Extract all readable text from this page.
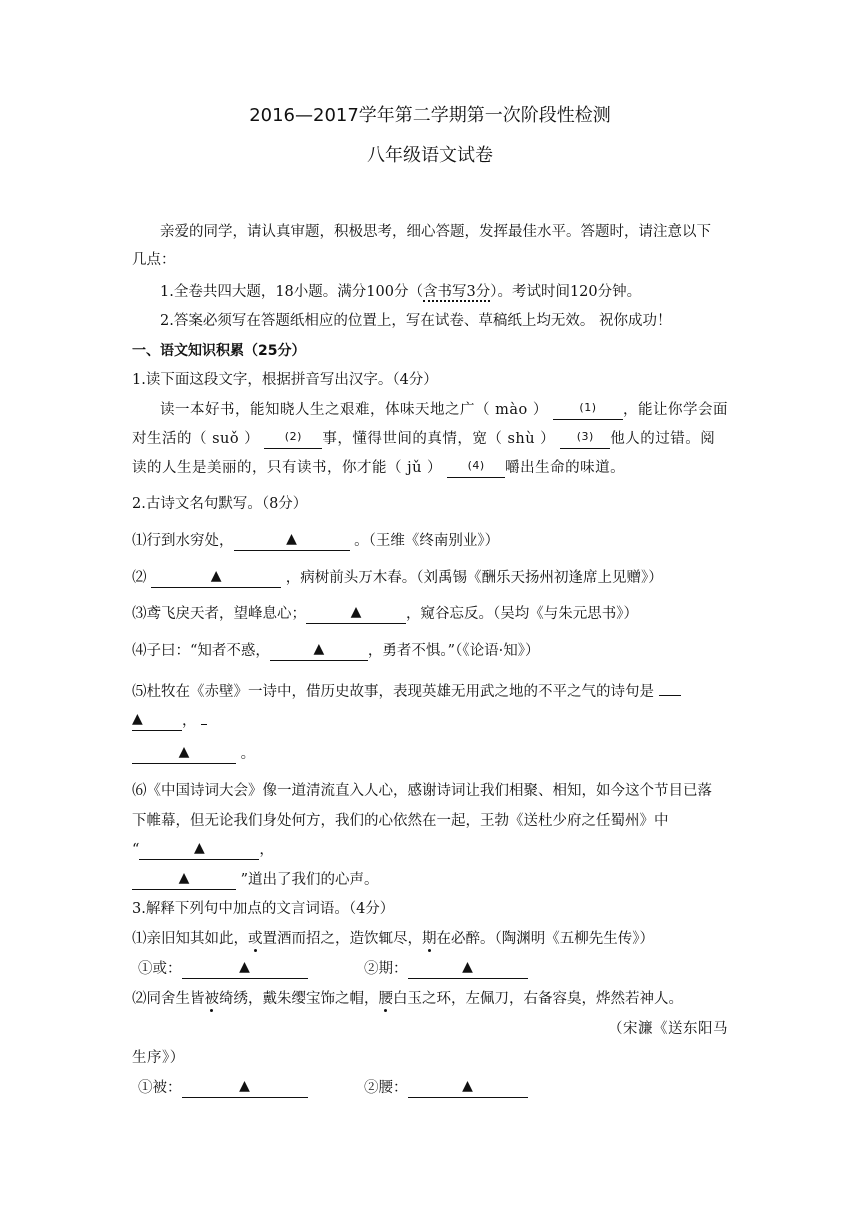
2016—2017学年第二学期第一次阶段性检测
八年级语文试卷
亲爱的同学，请认真审题，积极思考，细心答题，发挥最佳水平。答题时，请注意以下
几点：
1.全卷共四大题，18小题。满分100分（含书写3分）。考试时间120分钟。
2.答案必须写在答题纸相应的位置上，写在试卷、草稿纸上均无效。 祝你成功！
一、语文知识积累（25分）
1.读下面这段文字，根据拼音写出汉字。（4分）
读一本好书，能知晓人生之艰难，体味天地之广（ mào ）	$^{(1)}$ ，能让你学会面
对生活的（ suǒ ） $^{(2)}$ 事，懂得世间的真情，宽（ shù ） $^{(3)}$ 他人的过错。阅
读的人生是美丽的，只有读书，你才能（ jǔ ） $^{(4)}$ 嚼出生命的味道。
2.古诗文名句默写。（8分）
⑴行到水穷处，	▲	。（王维《终南别业》）
⑵	▲	，病树前头万木春。（刘禹锡《酬乐天扬州初逢席上见赠》）
⑶鸢飞戾天者，望峰息心；	▲	，窥谷忘反。（吴均《与朱元思书》）
⑷子曰：“知者不惑，	▲	，勇者不惧。”（《论语·知》）
⑸杜牧在《赤壁》一诗中，借历史故事，表现英雄无用武之地的不平之气的诗句是
▲	，
▲	。
⑹《中国诗词大会》像一道清流直入人心，感谢诗词让我们相聚、相知，如今这个节目已落
下帷幕，但无论我们身处何方，我们的心依然在一起，王勃《送杜少府之任蜀州》中
“	▲	，
▲	”道出了我们的心声。
3.解释下列句中加点的文言词语。（4分）
⑴亲旧知其如此，或置酒而招之，造饮辄尽，期在必醉。（陶渊明《五柳先生传》）
①或：	▲	②期：	▲
⑵同舍生皆被绮绣，戴朱缨宝饰之帽，腰白玉之环，左佩刀，右备容臭，烨然若神人。
（宋濂《送东阳马
生序》）
①被：	▲	②腰：	▲
